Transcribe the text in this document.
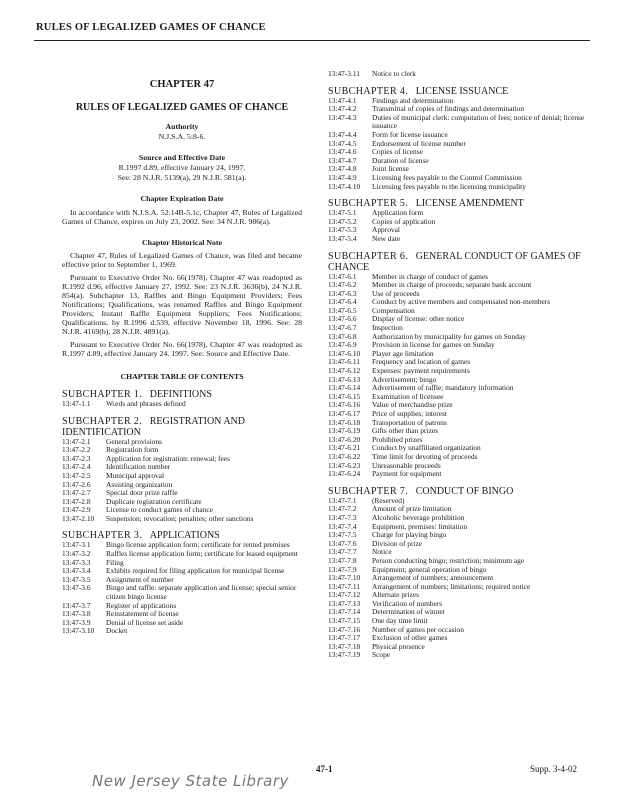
RULES OF LEGALIZED GAMES OF CHANCE
CHAPTER 47
RULES OF LEGALIZED GAMES OF CHANCE
Authority
N.J.S.A. 5:8-6.
Source and Effective Date
R.1997 d.89, effective January 24, 1997.
See: 28 N.J.R. 5139(a), 29 N.J.R. 581(a).
Chapter Expiration Date
In accordance with N.J.S.A. 52:14B-5.1c, Chapter 47, Rules of Legalized Games of Chance, expires on July 23, 2002. See: 34 N.J.R. 986(a).
Chapter Historical Note
Chapter 47, Rules of Legalized Games of Chance, was filed and became effective prior to September 1, 1969.
Pursuant to Executive Order No. 66(1978), Chapter 47 was readopted as R.1992 d.96, effective January 27, 1992. See: 23 N.J.R. 3636(b), 24 N.J.R. 854(a). Subchapter 13, Raffles and Bingo Equipment Providers; Fees Notifications; Qualifications, was renamed Raffles and Bingo Equipment Providers; Instant Raffle Equipment Suppliers; Fees Notifications; Qualifications, by R.1996 d.539, effective November 18, 1996. See: 28 N.J.R. 4169(b), 28 N.J.R. 4891(a).
Pursuant to Executive Order No. 66(1978), Chapter 47 was readopted as R.1997 d.89, effective January 24, 1997. See: Source and Effective Date.
CHAPTER TABLE OF CONTENTS
SUBCHAPTER 1. DEFINITIONS
13:47-1.1	Words and phrases defined
SUBCHAPTER 2. REGISTRATION AND IDENTIFICATION
13:47-2.1	General provisions
13:47-2.2	Registration form
13:47-2.3	Application for registration: renewal; fees
13:47-2.4	Identification number
13:47-2.5	Municipal approval
13:47-2.6	Assisting organization
13:47-2.7	Special door prize raffle
13:47-2.8	Duplicate registration certificate
13:47-2.9	License to conduct games of chance
13:47-2.10	Suspension; revocation; penalties; other sanctions
SUBCHAPTER 3. APPLICATIONS
13:47-3.1	Bingo license application form; certificate for rented premises
13:47-3.2	Raffles license application form; certificate for leased equipment
13:47-3.3	Filing
13:47-3.4	Exhibits required for filing application for municipal license
13:47-3.5	Assignment of number
13:47-3.6	Bingo and raffle: separate application and license; special senior citizen bingo license
13:47-3.7	Register of applications
13:47-3.8	Reinstatement of license
13:47-3.9	Denial of license set aside
13:47-3.10	Docket
13:47-3.11	Notice to clerk
SUBCHAPTER 4. LICENSE ISSUANCE
13:47-4.1	Findings and determination
13:47-4.2	Transmittal of copies of findings and determination
13:47-4.3	Duties of municipal clerk: computation of fees; notice of denial; license issuance
13:47-4.4	Form for license issuance
13:47-4.5	Endorsement of license number
13:47-4.6	Copies of license
13:47-4.7	Duration of license
13:47-4.8	Joint license
13:47-4.9	Licensing fees payable to the Control Commission
13:47-4.10	Licensing fees payable to the licensing municipality
SUBCHAPTER 5. LICENSE AMENDMENT
13:47-5.1	Application form
13:47-5.2	Copies of application
13:47-5.3	Approval
13:47-5.4	New date
SUBCHAPTER 6. GENERAL CONDUCT OF GAMES OF CHANCE
13:47-6.1	Member in charge of conduct of games
13:47-6.2	Member in charge of proceeds; separate bank account
13:47-6.3	Use of proceeds
13:47-6.4	Conduct by active members and compensated non-members
13:47-6.5	Compensation
13:47-6.6	Display of license: other notice
13:47-6.7	Inspection
13:47-6.8	Authorization by municipality for games on Sunday
13:47-6.9	Provision in license for games on Sunday
13:47-6.10	Player age limitation
13:47-6.11	Frequency and location of games
13:47-6.12	Expenses: payment requirements
13:47-6.13	Advertisement; bingo
13:47-6.14	Advertisement of raffle; mandatory information
13:47-6.15	Examination of licensee
13:47-6.16	Value of merchandise prize
13:47-6.17	Price of supplies; interest
13:47-6.18	Transportation of patrons
13:47-6.19	Gifts other than prizes
13:47-6.20	Prohibited prizes
13:47-6.21	Conduct by unaffiliated organization
13:47-6.22	Time limit for devoting of proceeds
13:47-6.23	Unreasonable proceeds
13:47-6.24	Payment for equipment
SUBCHAPTER 7. CONDUCT OF BINGO
13:47-7.1	(Reserved)
13:47-7.2	Amount of prize limitation
13:47-7.3	Alcoholic beverage prohibition
13:47-7.4	Equipment, premises: limitation
13:47-7.5	Charge for playing bingo
13:47-7.6	Division of prize
13:47-7.7	Notice
13:47-7.8	Person conducting bingo; restriction; minimum age
13:47-7.9	Equipment; general operation of bingo
13:47-7.10	Arrangement of numbers; announcement
13:47-7.11	Arrangement of numbers; limitations; required notice
13:47-7.12	Alternate prizes
13:47-7.13	Verification of numbers
13:47-7.14	Determination of winner
13:47-7.15	One day time limit
13:47-7.16	Number of games per occasion
13:47-7.17	Exclusion of other games
13:47-7.18	Physical presence
13:47-7.19	Scope
New Jersey State Library
47-1	Supp. 3-4-02
